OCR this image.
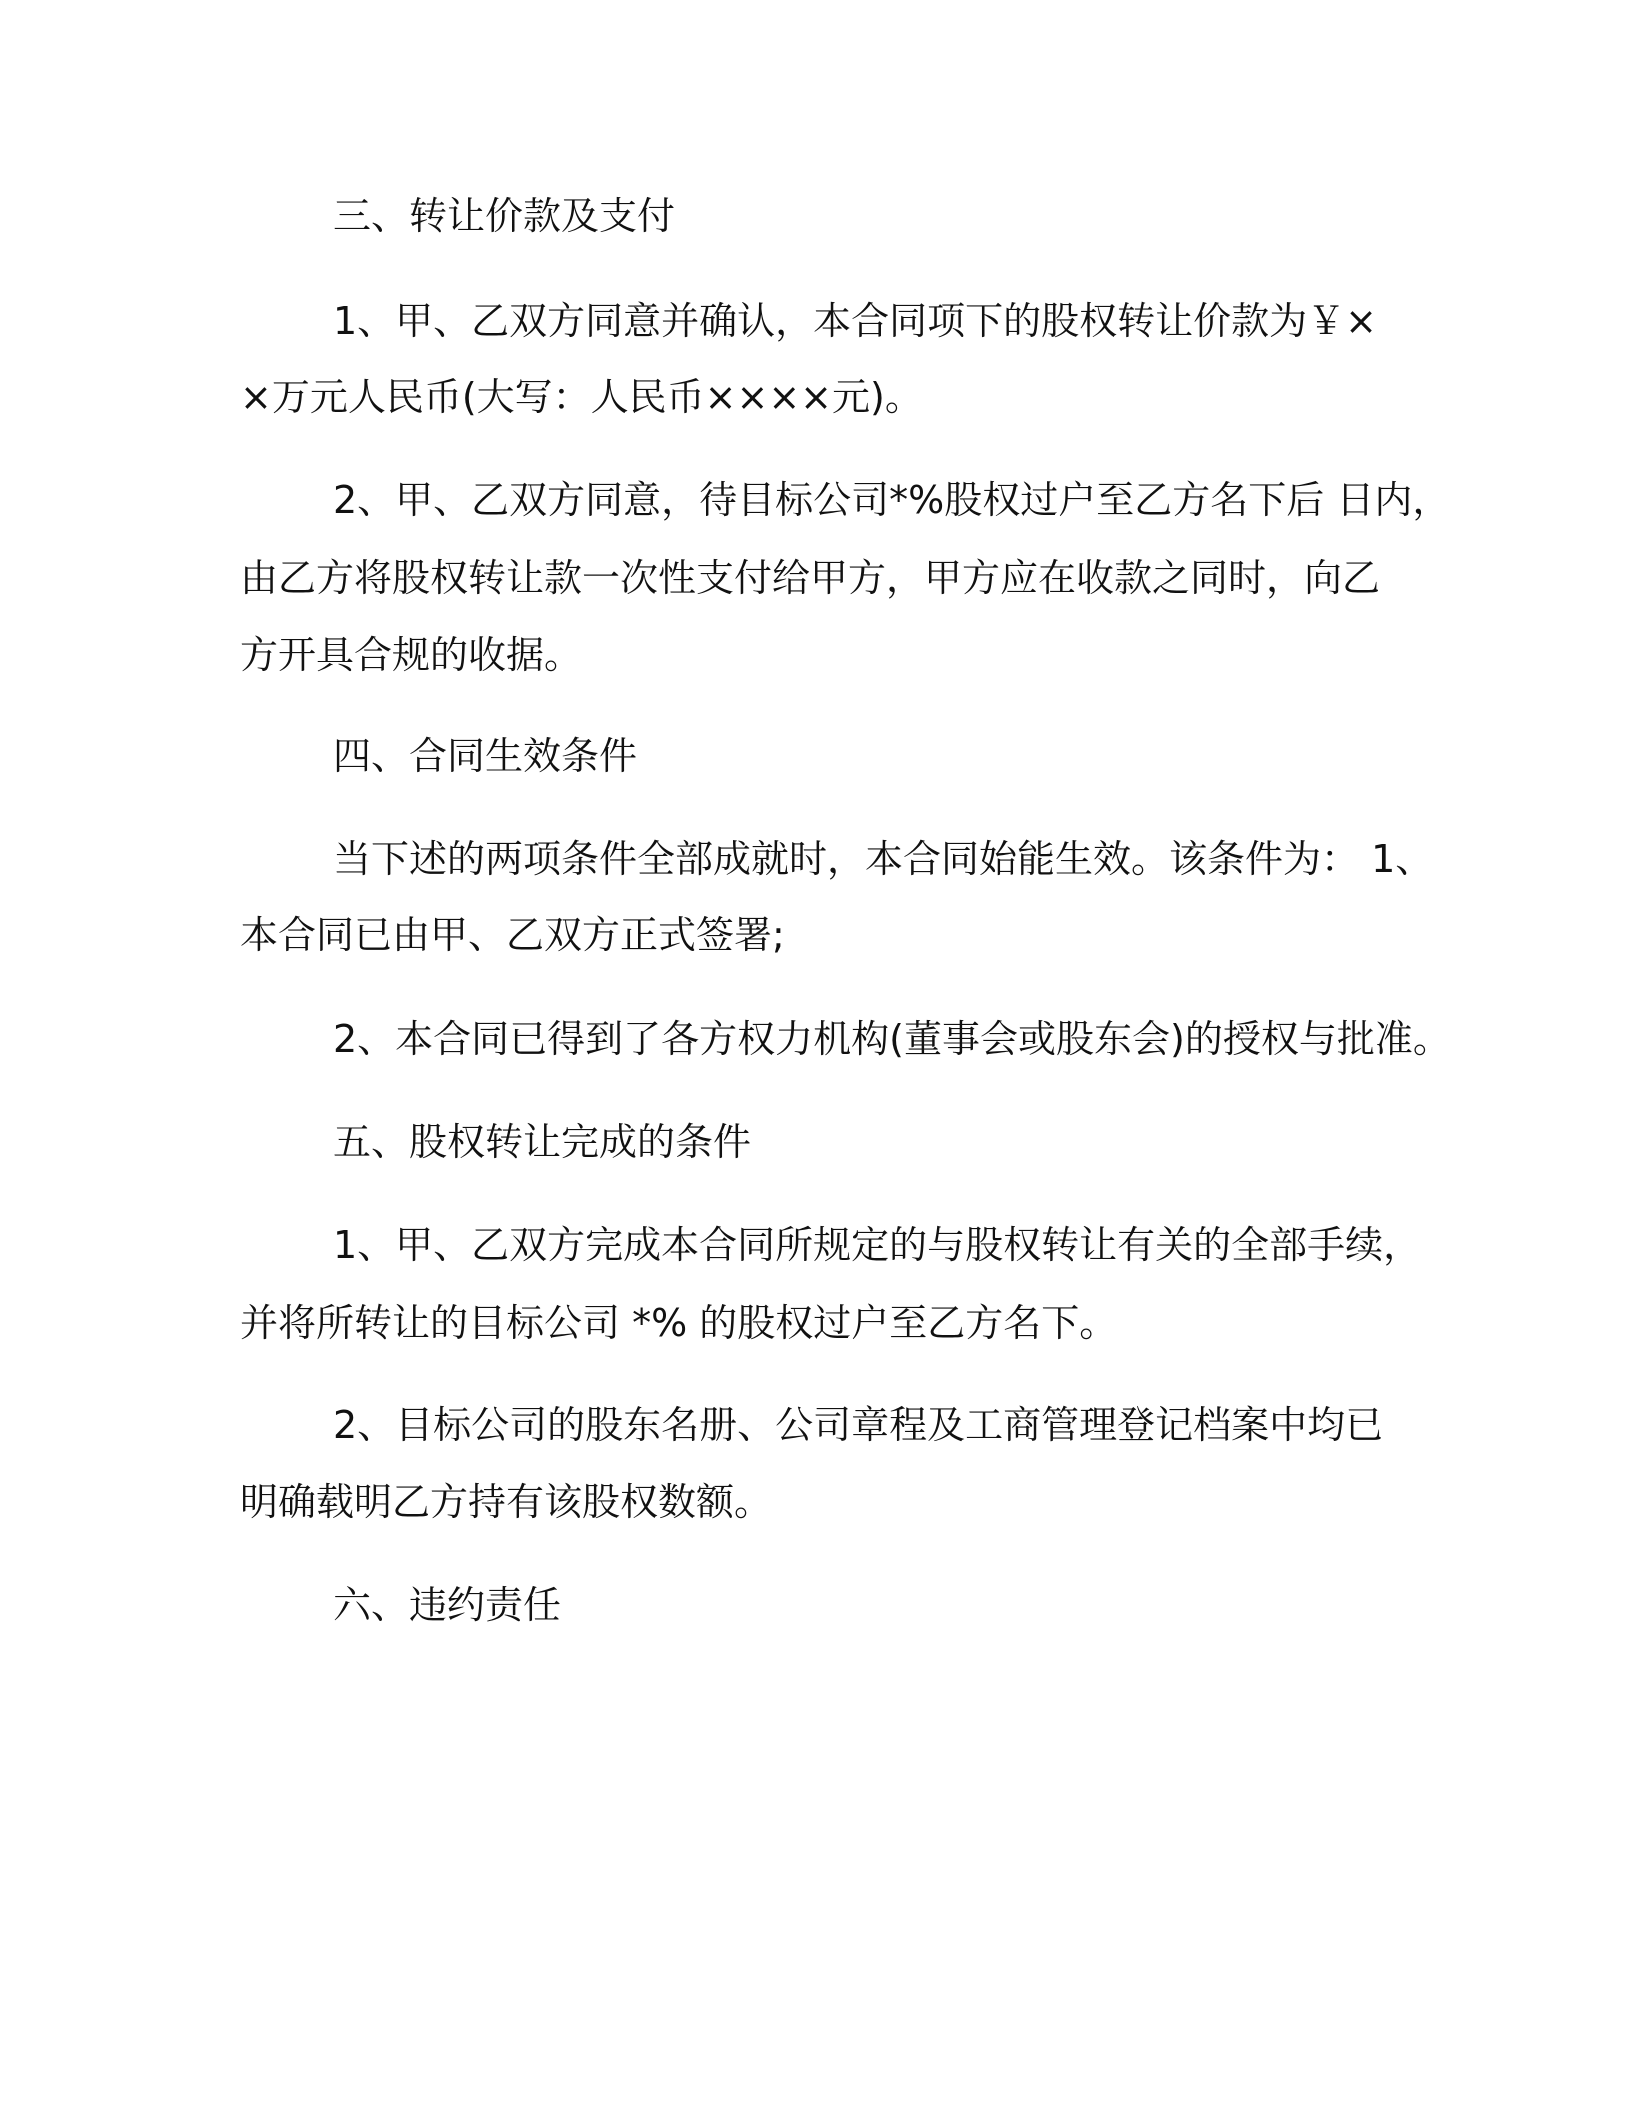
三、转让价款及支付
1、甲、乙双方同意并确认，本合同项下的股权转让价款为￥×
×万元人民币(大写：人民币××××元)。
2、甲、乙双方同意，待目标公司*%股权过户至乙方名下后 日内，
由乙方将股权转让款一次性支付给甲方，甲方应在收款之同时，向乙
方开具合规的收据。
四、合同生效条件
当下述的两项条件全部成就时，本合同始能生效。该条件为： 1、
本合同已由甲、乙双方正式签署;
2、本合同已得到了各方权力机构(董事会或股东会)的授权与批准。
五、股权转让完成的条件
1、甲、乙双方完成本合同所规定的与股权转让有关的全部手续，
并将所转让的目标公司 *% 的股权过户至乙方名下。
2、目标公司的股东名册、公司章程及工商管理登记档案中均已
明确载明乙方持有该股权数额。
六、违约责任
